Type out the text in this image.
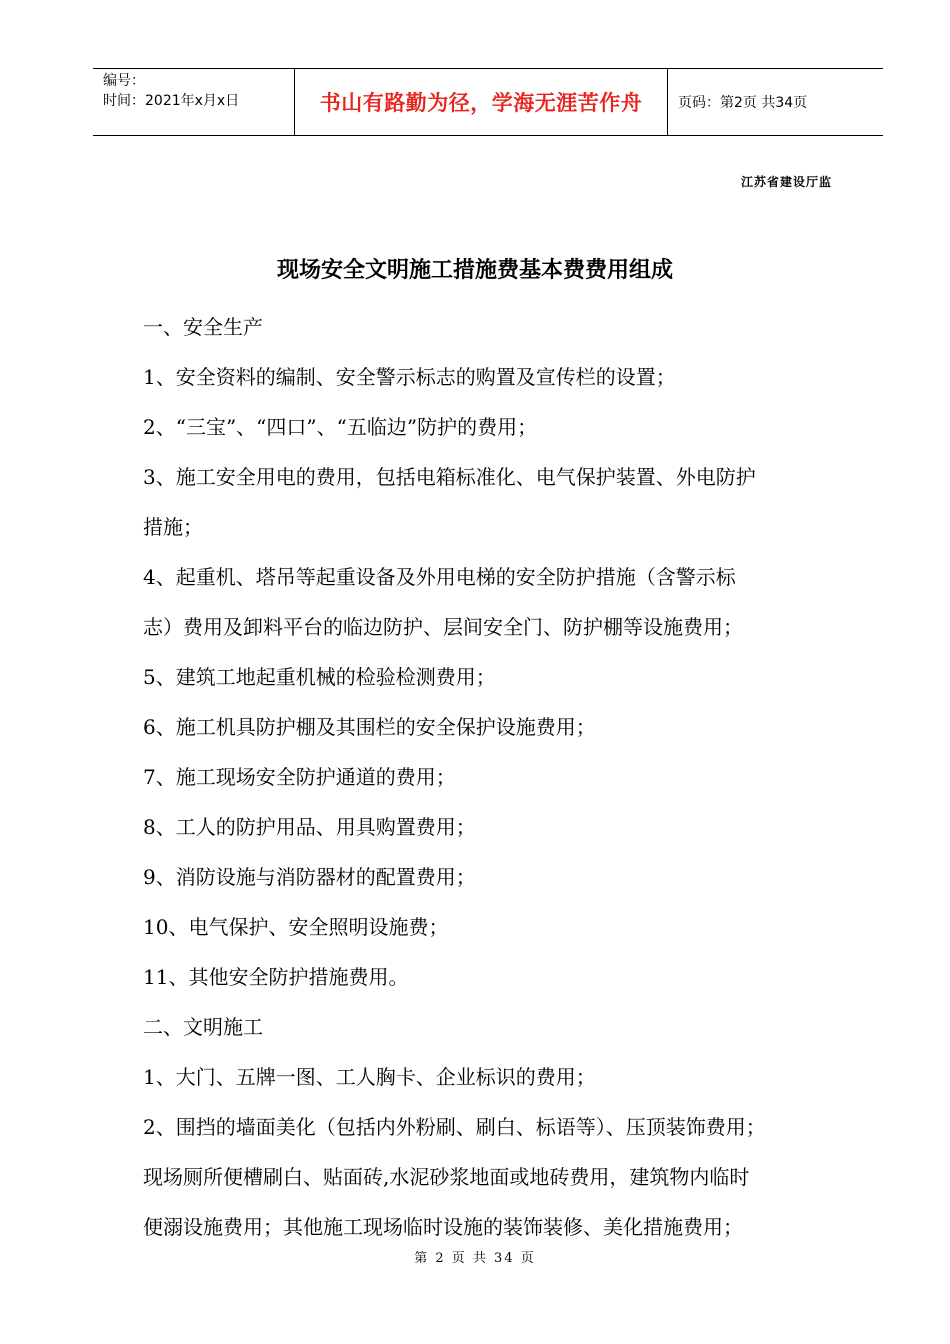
编号：
时间：2021年x月x日	书山有路勤为径，学海无涯苦作舟	页码：第2页 共34页
江苏省建设厅监
现场安全文明施工措施费基本费费用组成

一、安全生产

1、安全资料的编制、安全警示标志的购置及宣传栏的设置；

2、“三宝”、“四口”、“五临边”防护的费用；

3、施工安全用电的费用，包括电箱标准化、电气保护装置、外电防护

措施；

4、起重机、塔吊等起重设备及外用电梯的安全防护措施（含警示标

志）费用及卸料平台的临边防护、层间安全门、防护棚等设施费用；

5、建筑工地起重机械的检验检测费用；

6、施工机具防护棚及其围栏的安全保护设施费用；

7、施工现场安全防护通道的费用；

8、工人的防护用品、用具购置费用；

9、消防设施与消防器材的配置费用；

10、电气保护、安全照明设施费；

11、其他安全防护措施费用。

二、文明施工

1、大门、五牌一图、工人胸卡、企业标识的费用；

2、围挡的墙面美化（包括内外粉刷、刷白、标语等）、压顶装饰费用；

现场厕所便槽刷白、贴面砖,水泥砂浆地面或地砖费用，建筑物内临时

便溺设施费用；其他施工现场临时设施的装饰装修、美化措施费用；

第 2 页 共 34 页
